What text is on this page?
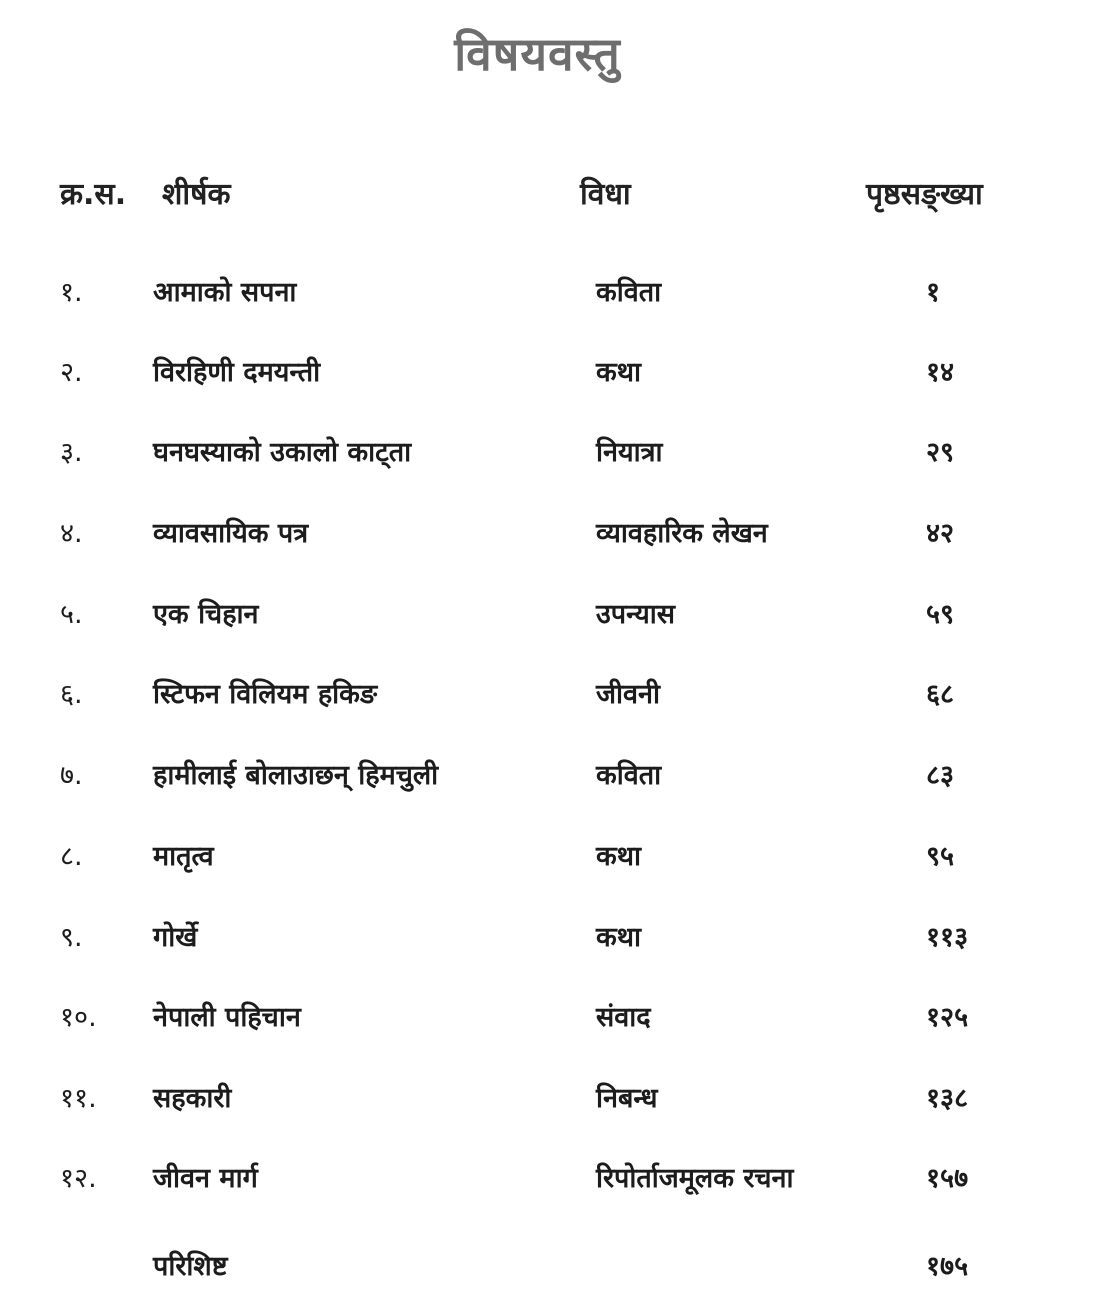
विषयवस्तु
क्र.स. शीर्षक	विधा	पृष्ठसङ्ख्या
१.	आमाको सपना	कविता	१
२.	विरहिणी दमयन्ती	कथा	१४
३.	घनघस्याको उकालो काट्ता	नियात्रा	२९
४.	व्यावसायिक पत्र	व्यावहारिक लेखन	४२
५.	एक चिहान	उपन्यास	५९
६.	स्टिफन विलियम हकिङ	जीवनी	६८
७.	हामीलाई बोलाउाछन् हिमचुली	कविता	८३
८.	मातृत्व	कथा	९५
९.	गोर्खे	कथा	११३
१०. नेपाली पहिचान	संवाद	१२५
११. सहकारी	निबन्ध	१३८
१२. जीवन मार्ग	रिपोर्ताजमूलक रचना	१५७
परिशिष्ट	१७५
